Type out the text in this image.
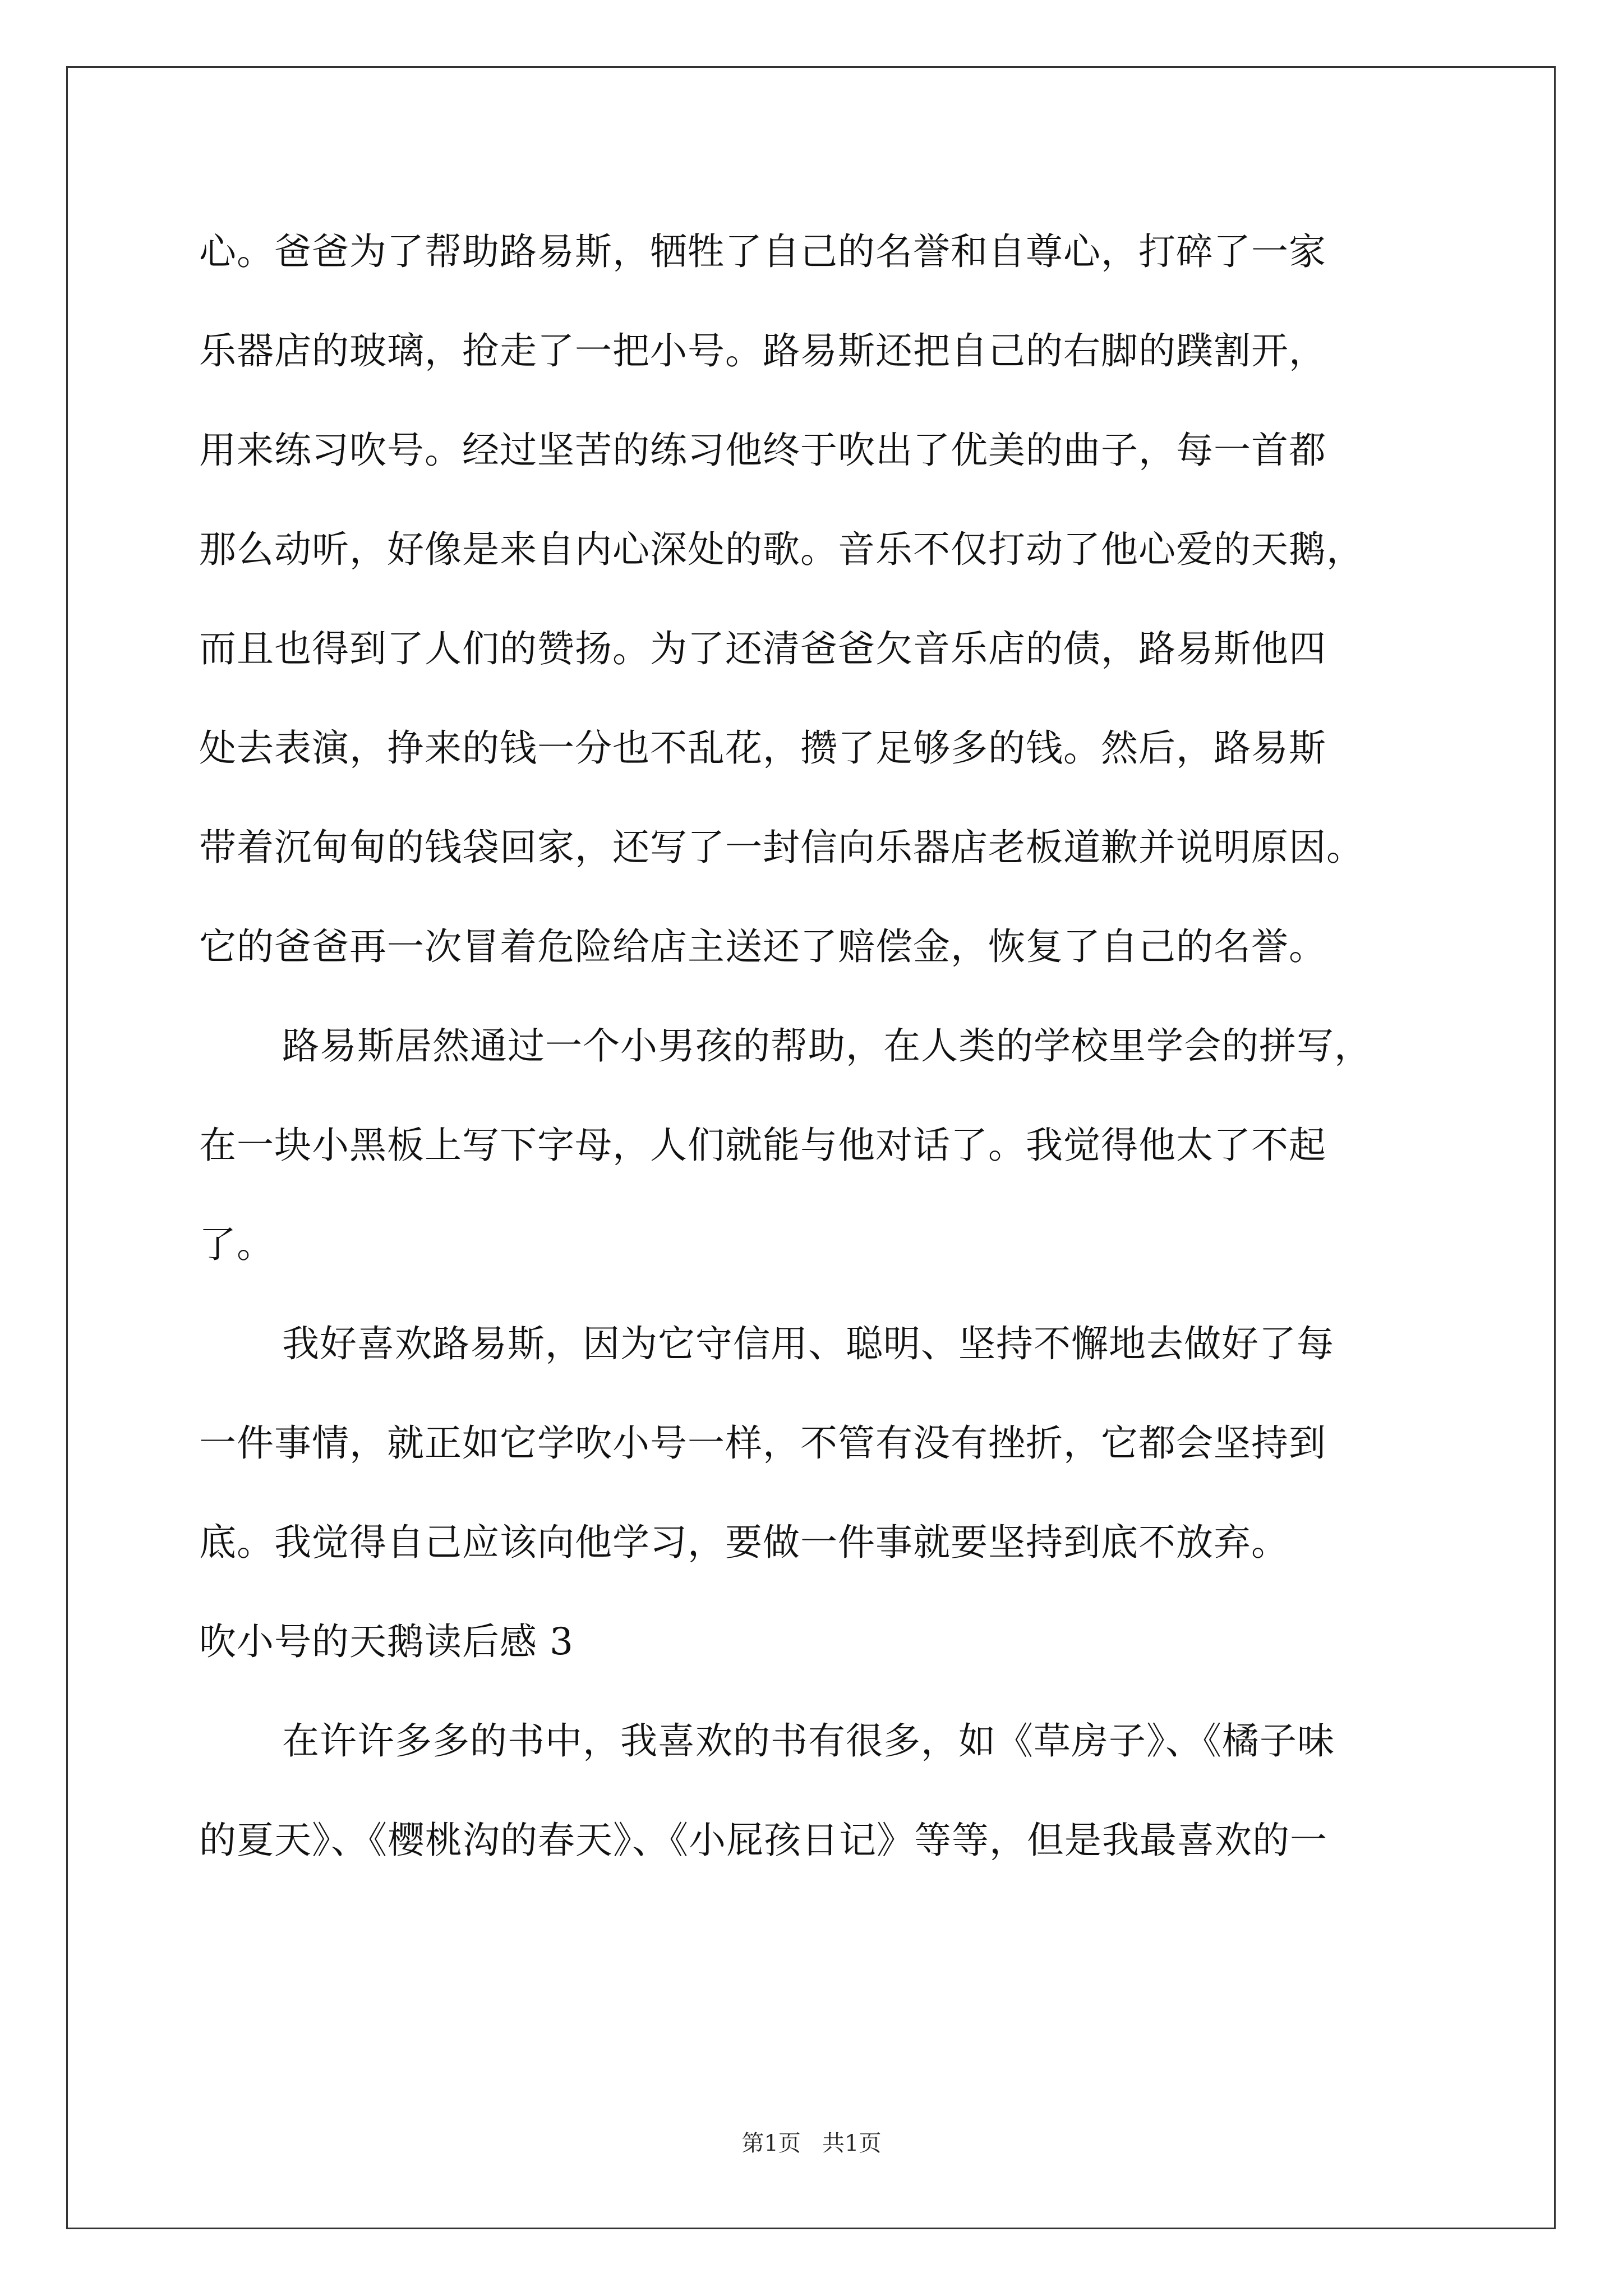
心。爸爸为了帮助路易斯，牺牲了自己的名誉和自尊心，打碎了一家
乐器店的玻璃，抢走了一把小号。路易斯还把自己的右脚的蹼割开，
用来练习吹号。经过坚苦的练习他终于吹出了优美的曲子，每一首都
那么动听，好像是来自内心深处的歌。音乐不仅打动了他心爱的天鹅，
而且也得到了人们的赞扬。为了还清爸爸欠音乐店的债，路易斯他四
处去表演，挣来的钱一分也不乱花，攒了足够多的钱。然后，路易斯
带着沉甸甸的钱袋回家，还写了一封信向乐器店老板道歉并说明原因。
它的爸爸再一次冒着危险给店主送还了赔偿金，恢复了自己的名誉。
路易斯居然通过一个小男孩的帮助，在人类的学校里学会的拼写，
在一块小黑板上写下字母，人们就能与他对话了。我觉得他太了不起
了。
我好喜欢路易斯，因为它守信用、聪明、坚持不懈地去做好了每
一件事情，就正如它学吹小号一样，不管有没有挫折，它都会坚持到
底。我觉得自己应该向他学习，要做一件事就要坚持到底不放弃。
吹小号的天鹅读后感 3
在许许多多的书中，我喜欢的书有很多，如《草房子》、《橘子味
的夏天》、《樱桃沟的春天》、《小屁孩日记》等等，但是我最喜欢的一
第1页   共1页
